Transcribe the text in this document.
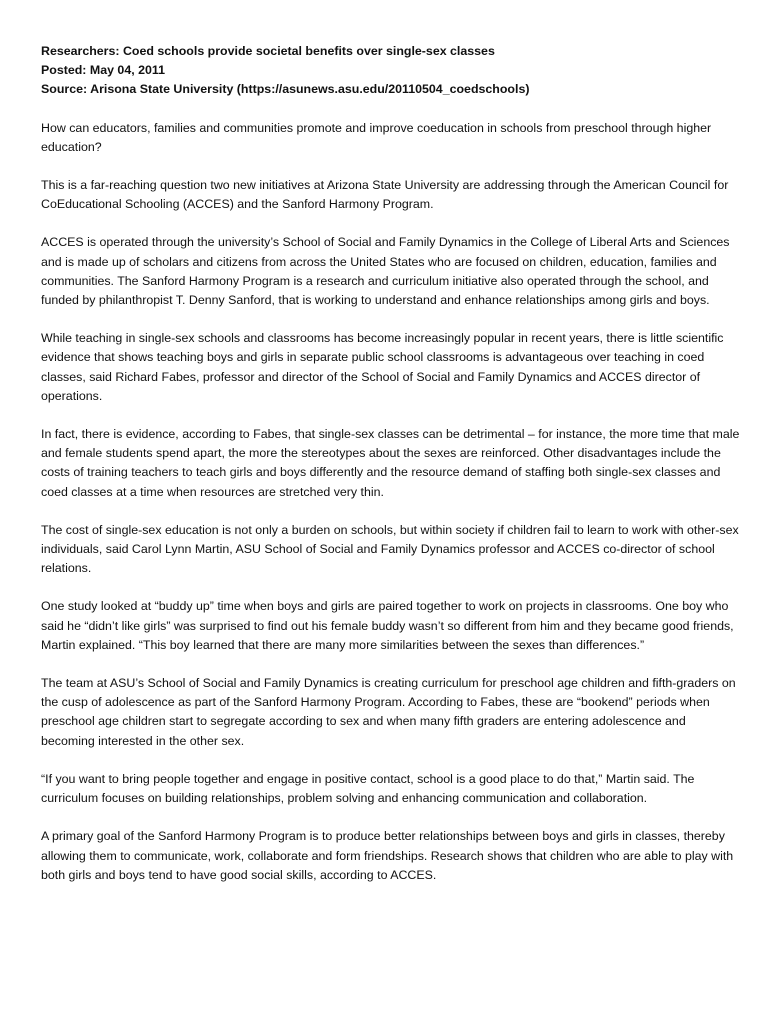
Researchers: Coed schools provide societal benefits over single-sex classes

Posted: May 04, 2011

Source: Arisona State University (https://asunews.asu.edu/20110504_coedschools)

How can educators, families and communities promote and improve coeducation in schools from preschool through higher education?

This is a far-reaching question two new initiatives at Arizona State University are addressing through the American Council for CoEducational Schooling (ACCES) and the Sanford Harmony Program.

ACCES is operated through the university’s School of Social and Family Dynamics in the College of Liberal Arts and Sciences and is made up of scholars and citizens from across the United States who are focused on children, education, families and communities. The Sanford Harmony Program is a research and curriculum initiative also operated through the school, and funded by philanthropist T. Denny Sanford, that is working to understand and enhance relationships among girls and boys.

While teaching in single-sex schools and classrooms has become increasingly popular in recent years, there is little scientific evidence that shows teaching boys and girls in separate public school classrooms is advantageous over teaching in coed classes, said Richard Fabes, professor and director of the School of Social and Family Dynamics and ACCES director of operations.

In fact, there is evidence, according to Fabes, that single-sex classes can be detrimental – for instance, the more time that male and female students spend apart, the more the stereotypes about the sexes are reinforced. Other disadvantages include the costs of training teachers to teach girls and boys differently and the resource demand of staffing both single-sex classes and coed classes at a time when resources are stretched very thin.

The cost of single-sex education is not only a burden on schools, but within society if children fail to learn to work with other-sex individuals, said Carol Lynn Martin, ASU School of Social and Family Dynamics professor and ACCES co-director of school relations.

One study looked at “buddy up” time when boys and girls are paired together to work on projects in classrooms. One boy who said he “didn’t like girls” was surprised to find out his female buddy wasn’t so different from him and they became good friends, Martin explained. “This boy learned that there are many more similarities between the sexes than differences.”

The team at ASU’s School of Social and Family Dynamics is creating curriculum for preschool age children and fifth-graders on the cusp of adolescence as part of the Sanford Harmony Program. According to Fabes, these are “bookend” periods when preschool age children start to segregate according to sex and when many fifth graders are entering adolescence and becoming interested in the other sex.

“If you want to bring people together and engage in positive contact, school is a good place to do that,” Martin said. The curriculum focuses on building relationships, problem solving and enhancing communication and collaboration.

A primary goal of the Sanford Harmony Program is to produce better relationships between boys and girls in classes, thereby allowing them to communicate, work, collaborate and form friendships. Research shows that children who are able to play with both girls and boys tend to have good social skills, according to ACCES.
